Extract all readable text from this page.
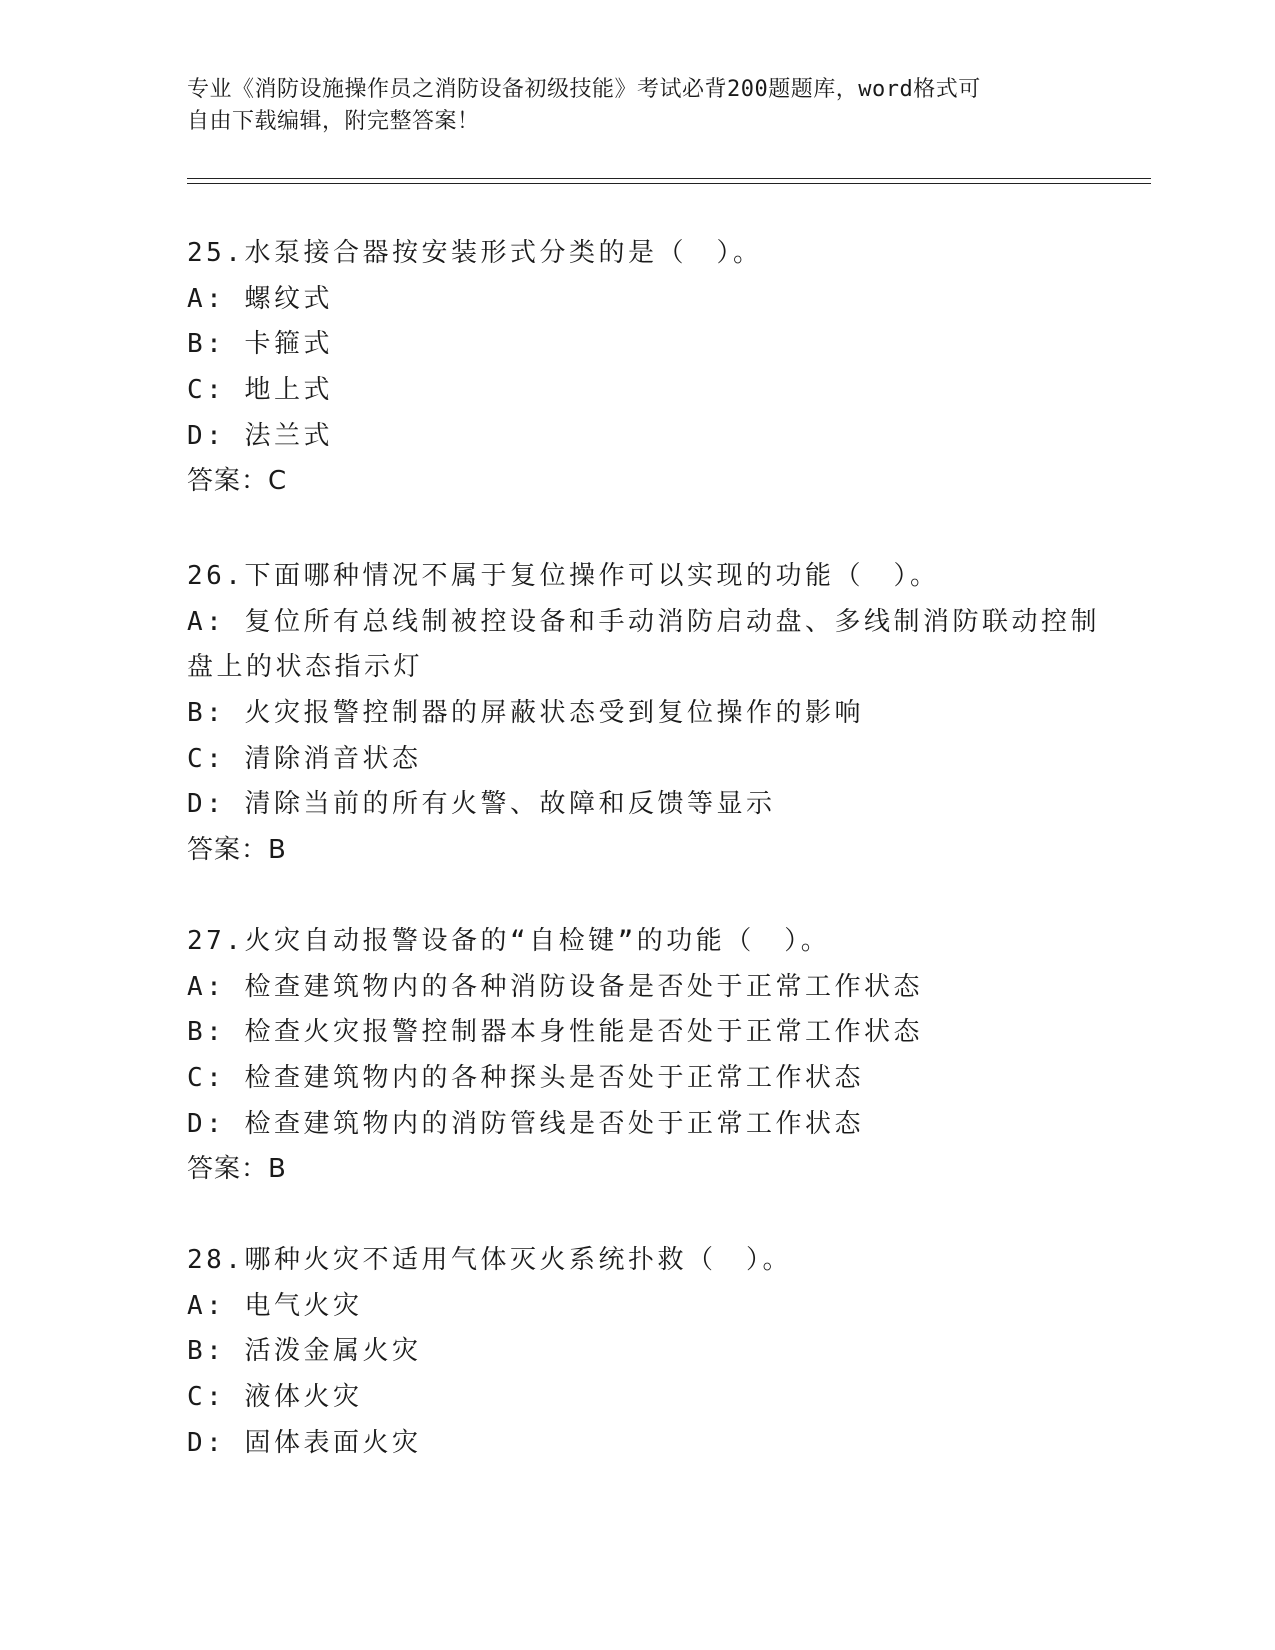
专业《消防设施操作员之消防设备初级技能》考试必背200题题库，word格式可
自由下载编辑，附完整答案！
25.水泵接合器按安装形式分类的是（　）。
A: 螺纹式
B: 卡箍式
C: 地上式
D: 法兰式
答案：C
26.下面哪种情况不属于复位操作可以实现的功能（　）。
A: 复位所有总线制被控设备和手动消防启动盘、多线制消防联动控制
盘上的状态指示灯
B: 火灾报警控制器的屏蔽状态受到复位操作的影响
C: 清除消音状态
D: 清除当前的所有火警、故障和反馈等显示
答案：B
27.火灾自动报警设备的“自检键”的功能（　）。
A: 检查建筑物内的各种消防设备是否处于正常工作状态
B: 检查火灾报警控制器本身性能是否处于正常工作状态
C: 检查建筑物内的各种探头是否处于正常工作状态
D: 检查建筑物内的消防管线是否处于正常工作状态
答案：B
28.哪种火灾不适用气体灭火系统扑救（　）。
A: 电气火灾
B: 活泼金属火灾
C: 液体火灾
D: 固体表面火灾
